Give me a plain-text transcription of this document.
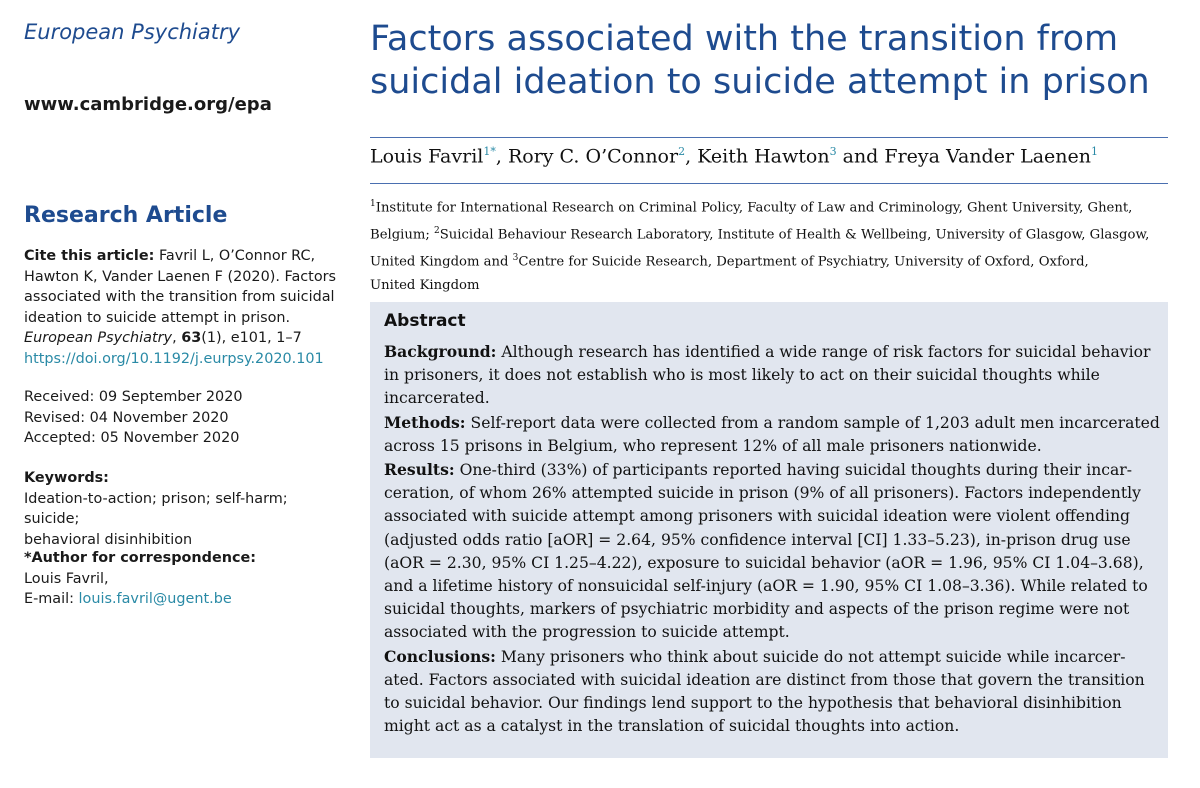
European Psychiatry
www.cambridge.org/epa
Research Article
Cite this article: Favril L, O’Connor RC,
Hawton K, Vander Laenen F (2020). Factors
associated with the transition from suicidal
ideation to suicide attempt in prison.
European Psychiatry, 63(1), e101, 1–7
https://doi.org/10.1192/j.eurpsy.2020.101
Received: 09 September 2020
Revised: 04 November 2020
Accepted: 05 November 2020
Keywords:
Ideation-to-action; prison; self-harm; suicide;
behavioral disinhibition
*Author for correspondence:
Louis Favril,
E-mail: louis.favril@ugent.be
Factors associated with the transition from
suicidal ideation to suicide attempt in prison
Louis Favril$^{1*}$, Rory C. O’Connor$^2$, Keith Hawton$^3$ and Freya Vander Laenen$^1$
$^1$Institute for International Research on Criminal Policy, Faculty of Law and Criminology, Ghent University, Ghent,
Belgium; $^2$Suicidal Behaviour Research Laboratory, Institute of Health & Wellbeing, University of Glasgow, Glasgow,
United Kingdom and $^3$Centre for Suicide Research, Department of Psychiatry, University of Oxford, Oxford,
United Kingdom
Abstract
Background: Although research has identified a wide range of risk factors for suicidal behavior
in prisoners, it does not establish who is most likely to act on their suicidal thoughts while
incarcerated.
Methods: Self-report data were collected from a random sample of 1,203 adult men incarcerated
across 15 prisons in Belgium, who represent 12% of all male prisoners nationwide.
Results: One-third (33%) of participants reported having suicidal thoughts during their incar-
ceration, of whom 26% attempted suicide in prison (9% of all prisoners). Factors independently
associated with suicide attempt among prisoners with suicidal ideation were violent offending
(adjusted odds ratio [aOR] = 2.64, 95% confidence interval [CI] 1.33–5.23), in-prison drug use
(aOR = 2.30, 95% CI 1.25–4.22), exposure to suicidal behavior (aOR = 1.96, 95% CI 1.04–3.68),
and a lifetime history of nonsuicidal self-injury (aOR = 1.90, 95% CI 1.08–3.36). While related to
suicidal thoughts, markers of psychiatric morbidity and aspects of the prison regime were not
associated with the progression to suicide attempt.
Conclusions: Many prisoners who think about suicide do not attempt suicide while incarcer-
ated. Factors associated with suicidal ideation are distinct from those that govern the transition
to suicidal behavior. Our findings lend support to the hypothesis that behavioral disinhibition
might act as a catalyst in the translation of suicidal thoughts into action.
